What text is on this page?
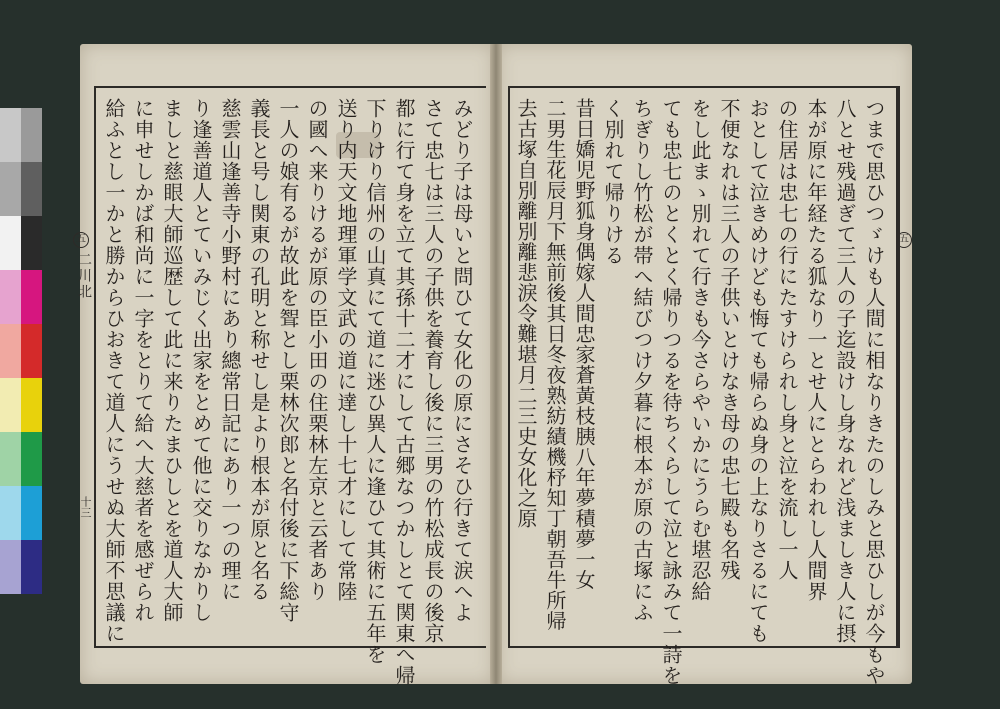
五
二川北
十三
五
みどり子は母いと問ひて女化の原にさそひ行きて涙へよ
さて忠七は三人の子供を養育し後に三男の竹松成長の後京
都に行て身を立て其孫十二才にして古郷なつかしとて関東へ帰
下りけり信州の山真にて道に迷ひ異人に逢ひて其術に五年を
送り内天文地理軍学文武の道に達し十七才にして常陸
の國へ来りけるが原の臣小田の住栗林左京と云者あり
一人の娘有るが故此を聟とし栗林次郎と名付後に下総守
義長と号し関東の孔明と称せし是より根本が原と名る
慈雲山逢善寺小野村にあり總常日記にあり一つの理に
り逢善道人とていみじく出家をとめて他に交りなかりし
ましと慈眼大師巡歴して此に来りたまひしとを道人大師
に申せしかば和尚に一字をとりて給へ大慈者を感ぜられ
給ふとし一かと勝からひおきて道人にうせぬ大師不思議に	つまで思ひつゞけも人間に相なりきたのしみと思ひしが今もや
八とせ残過ぎて三人の子迄設けし身なれど浅ましき人に摂
本が原に年経たる狐なり一とせ人にとらわれし人間界
の住居は忠七の行にたすけられし身と泣を流し一人
おとして泣きめけども悔ても帰らぬ身の上なりさるにても
不便なれは三人の子供いとけなき母の忠七殿も名残
をし此まゝ別れて行きも今さらやいかにうらむ堪忍給
ても忠七のとくとく帰りつるを待ちくらして泣と詠みて一詩を
ちぎりし竹松が帯へ結びつけ夕暮に根本が原の古塚にふ
く別れて帰りける
昔日嬌児野狐身偶嫁人間忠家蒼黃枝胰八年夢積夢一女
二男生花辰月下無前後其日冬夜熟紡績機杼知丁朝吾牛所帰
去古塚自別離別離悲淚令難堪月二三史女化之原
